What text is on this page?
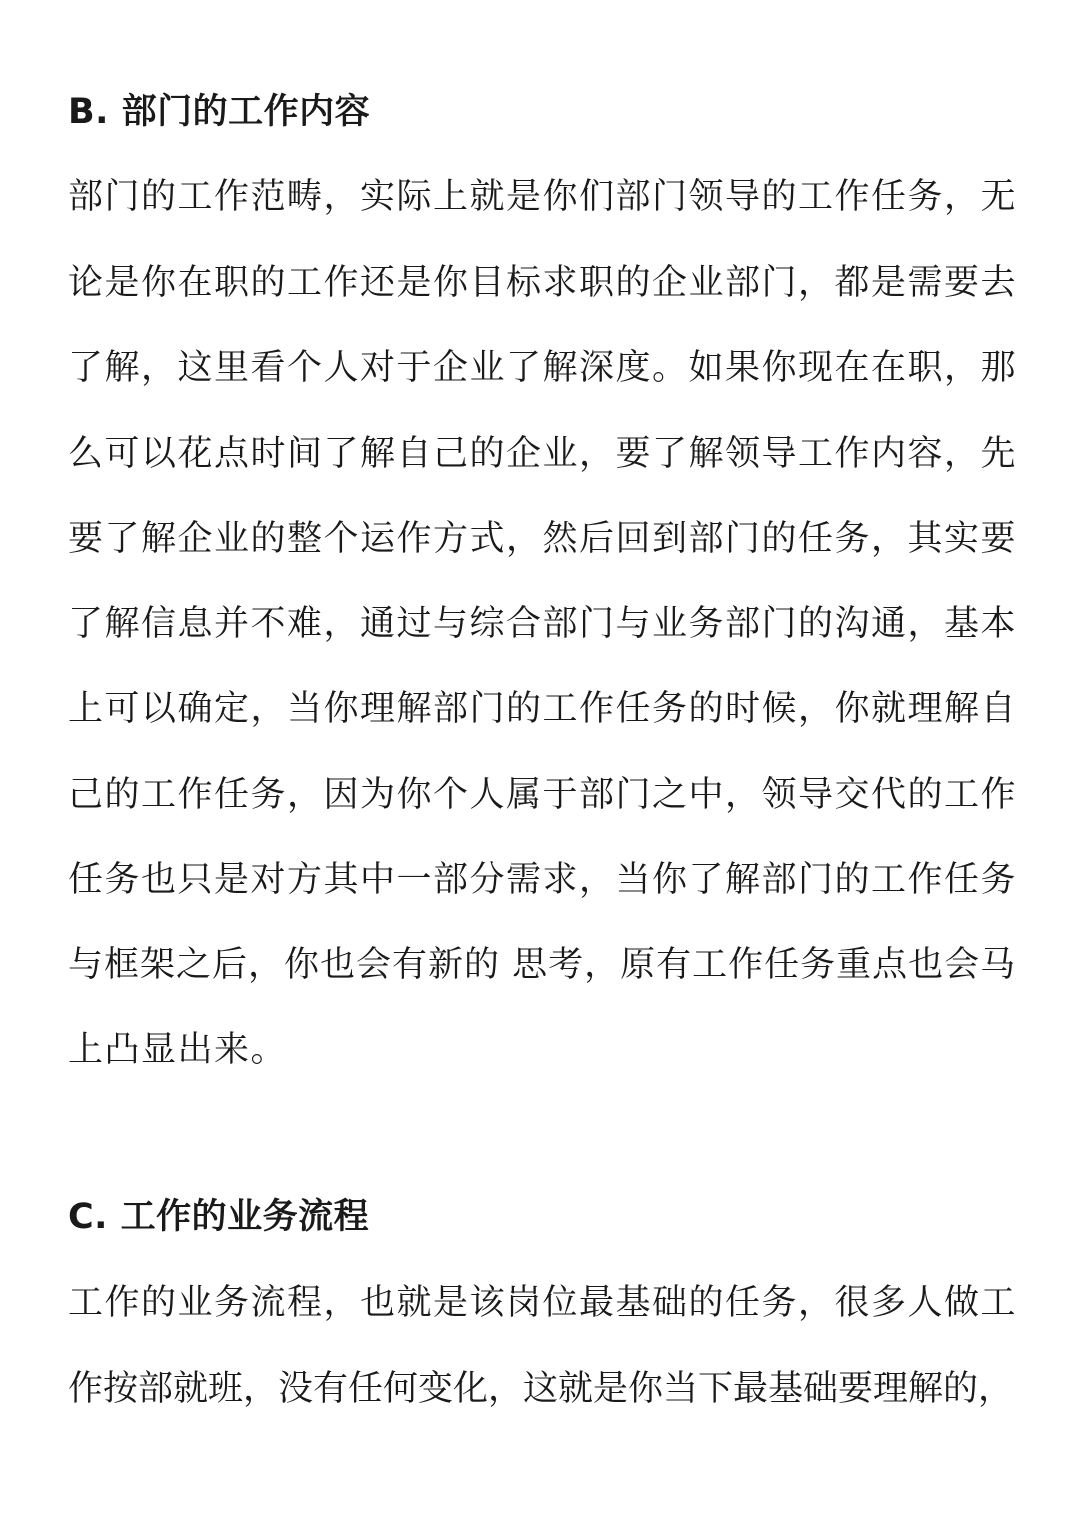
B. 部门的工作内容
部门的工作范畴，实际上就是你们部门领导的工作任务，无
论是你在职的工作还是你目标求职的企业部门，都是需要去
了解，这里看个人对于企业了解深度。如果你现在在职，那
么可以花点时间了解自己的企业，要了解领导工作内容，先
要了解企业的整个运作方式，然后回到部门的任务，其实要
了解信息并不难，通过与综合部门与业务部门的沟通，基本
上可以确定，当你理解部门的工作任务的时候，你就理解自
己的工作任务，因为你个人属于部门之中，领导交代的工作
任务也只是对方其中一部分需求，当你了解部门的工作任务
与框架之后，你也会有新的 思考，原有工作任务重点也会马
上凸显出来。
C. 工作的业务流程
工作的业务流程，也就是该岗位最基础的任务，很多人做工
作按部就班，没有任何变化，这就是你当下最基础要理解的，
